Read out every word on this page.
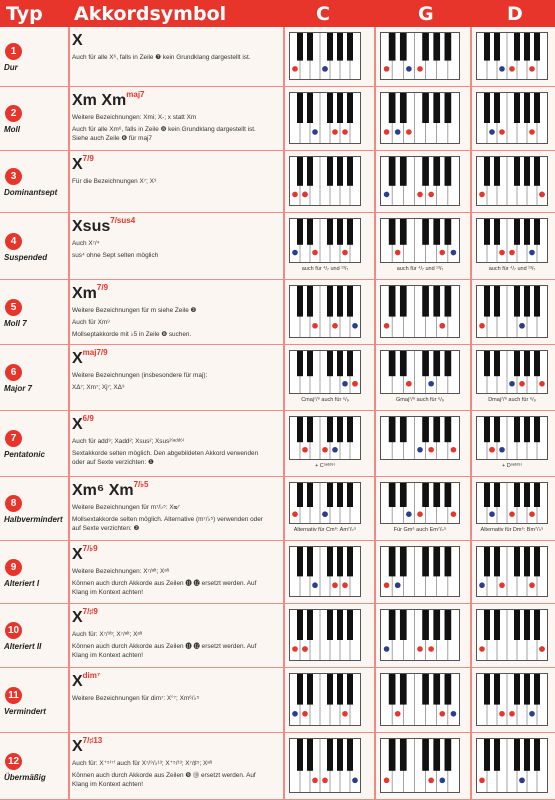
Typ Akkordsymbol	C	G	D
1
Dur
X

Auch für alle X⁶, falls in Zeile ❼ kein Grundklang dargestellt ist.

2
Moll
Xm $Xm^{maj7}$

Weitere Bezeichnungen: Xmi; X-; x statt Xm

Auch für alle Xm⁶, falls in Zeile ❽ kein Grundklang dargestellt ist. Siehe auch Zeile ❻ für maj7

3
Dominantsept
$X^{7/9}$

Für die Bezeichnungen X⁷; X⁹

4
Suspended
Xsus$^{7/sus4}$

Auch X⁷/⁴

sus⁴ ohne Sept selten möglich

auch für ⁴/₇ und ¹³/₇	auch für ⁴/₇ und ¹³/₇	auch für ⁴/₇ und ¹³/₇
5
Moll 7
$Xm^{7/9}$

Weitere Bezeichnungen für m siehe Zeile ❷

Auch für Xm⁹

Mollseptakkorde mit ♭5 in Zeile ❽ suchen.

6
Major 7
$X^{maj7/9}$

Weitere Bezeichnungen (insbesondere für maj):

XΔ⁷; Xm⁷; Xj⁷; XΔ⁹

Cmaj⁷/⁹ auch für ⁶/₉	Gmaj⁷/⁹ auch für ⁶/₉	Dmaj⁷/⁹ auch für ⁶/₉
7
Pentatonic
$X^{6/9}$

Auch für add⁹; Xadd²; Xsus²; Xsus²⁽ᵃᵈᵈ⁶⁾

Sextakkorde selten möglich. Den abgebildeten Akkord verwenden oder auf Sexte verzichten: ❶	+ C⁽ᵃᵈᵈ⁹⁾	+ D⁽ᵃᵈᵈ⁹⁾
8
Halbvermindert
Xm⁶ $Xm^{7/♭5}$

Weitere Bezeichnungen für m⁷/♭⁵: Xᴓ⁷

Mollsextakkorde selten möglich. Alternative (m⁷/♭⁵) verwenden oder auf Sexte verzichten: ❷	Alternativ für Cm⁶: Am⁷/♭⁵	Für Gm⁶ auch Em⁷/♭⁵	Alternativ für Dm⁶: Bm⁷/♭⁵
9
Alteriert I
$X^{7/♭9}$

Weitere Bezeichnungen: X⁷/ᵃˡᵗ; Xᵃˡᵗ

Können auch durch Akkorde aus Zeilen ⓫ ⓬ ersetzt werden. Auf Klang im Kontext achten!

10
Alteriert II
$X^{7/♯9}$

Auch für: X⁷/⁹ᵇ; X⁷/ᵃˡᵗ; Xᵃˡᵗ

Können auch durch Akkorde aus Zeilen ⓫ ⓬ ersetzt werden. Auf Klang im Kontext achten!

11
Vermindert
$X^{dim^7}$

Weitere Bezeichnungen für dim⁷: X°⁷; Xm⁶/♭⁵

12
Übermäßig
$X^{7/♯13}$

Auch für: X⁺⁵⁽⁷⁾ auch für X⁷/⁹/♭¹³; X⁺⁵/¹³; X⁷/♯⁵; Xᵃˡᵗ

Können auch durch Akkorde aus Zeilen ❾ ⓾ ersetzt werden. Auf Klang im Kontext achten!
